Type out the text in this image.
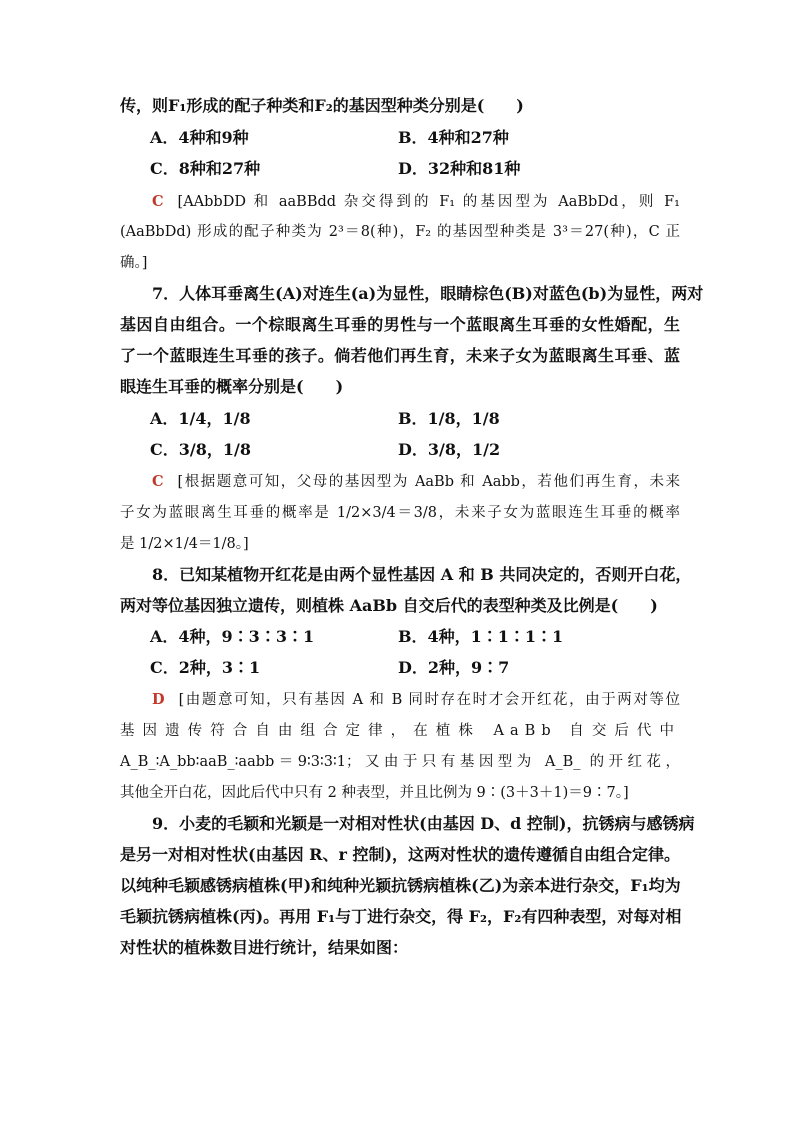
传，则F₁形成的配子种类和F₂的基因型种类分别是(　　)
A．4种和9种	B．4种和27种
C．8种和27种	D．32种和81种
C [AAbbDD 和 aaBBdd 杂交得到的 F₁ 的基因型为 AaBbDd，则 F₁
(AaBbDd) 形成的配子种类为 2³＝8(种)，F₂ 的基因型种类是 3³＝27(种)，C 正
确。]
7．人体耳垂离生(A)对连生(a)为显性，眼睛棕色(B)对蓝色(b)为显性，两对
基因自由组合。一个棕眼离生耳垂的男性与一个蓝眼离生耳垂的女性婚配，生
了一个蓝眼连生耳垂的孩子。倘若他们再生育，未来子女为蓝眼离生耳垂、蓝
眼连生耳垂的概率分别是(　　)
A．1/4，1/8	B．1/8，1/8
C．3/8，1/8	D．3/8，1/2
C [根据题意可知，父母的基因型为 AaBb 和 Aabb，若他们再生育，未来
子女为蓝眼离生耳垂的概率是 1/2×3/4＝3/8，未来子女为蓝眼连生耳垂的概率
是 1/2×1/4＝1/8。]
8．已知某植物开红花是由两个显性基因 A 和 B 共同决定的，否则开白花，
两对等位基因独立遗传，则植株 AaBb 自交后代的表型种类及比例是(　　)
A．4种，9∶3∶3∶1	B．4种，1∶1∶1∶1
C．2种，3∶1	D．2种，9∶7
D [由题意可知，只有基因 A 和 B 同时存在时才会开红花，由于两对等位
基因遗传符合自由组合定律，在植株 AaBb 自交后代中
A_B_∶A_bb∶aaB_∶aabb＝9∶3∶3∶1；又由于只有基因型为 A_B_ 的开红花，
其他全开白花，因此后代中只有 2 种表型，并且比例为 9∶(3＋3＋1)＝9∶7。]
9．小麦的毛颖和光颖是一对相对性状(由基因 D、d 控制)，抗锈病与感锈病
是另一对相对性状(由基因 R、r 控制)，这两对性状的遗传遵循自由组合定律。
以纯种毛颖感锈病植株(甲)和纯种光颖抗锈病植株(乙)为亲本进行杂交，F₁均为
毛颖抗锈病植株(丙)。再用 F₁与丁进行杂交，得 F₂，F₂有四种表型，对每对相
对性状的植株数目进行统计，结果如图：
